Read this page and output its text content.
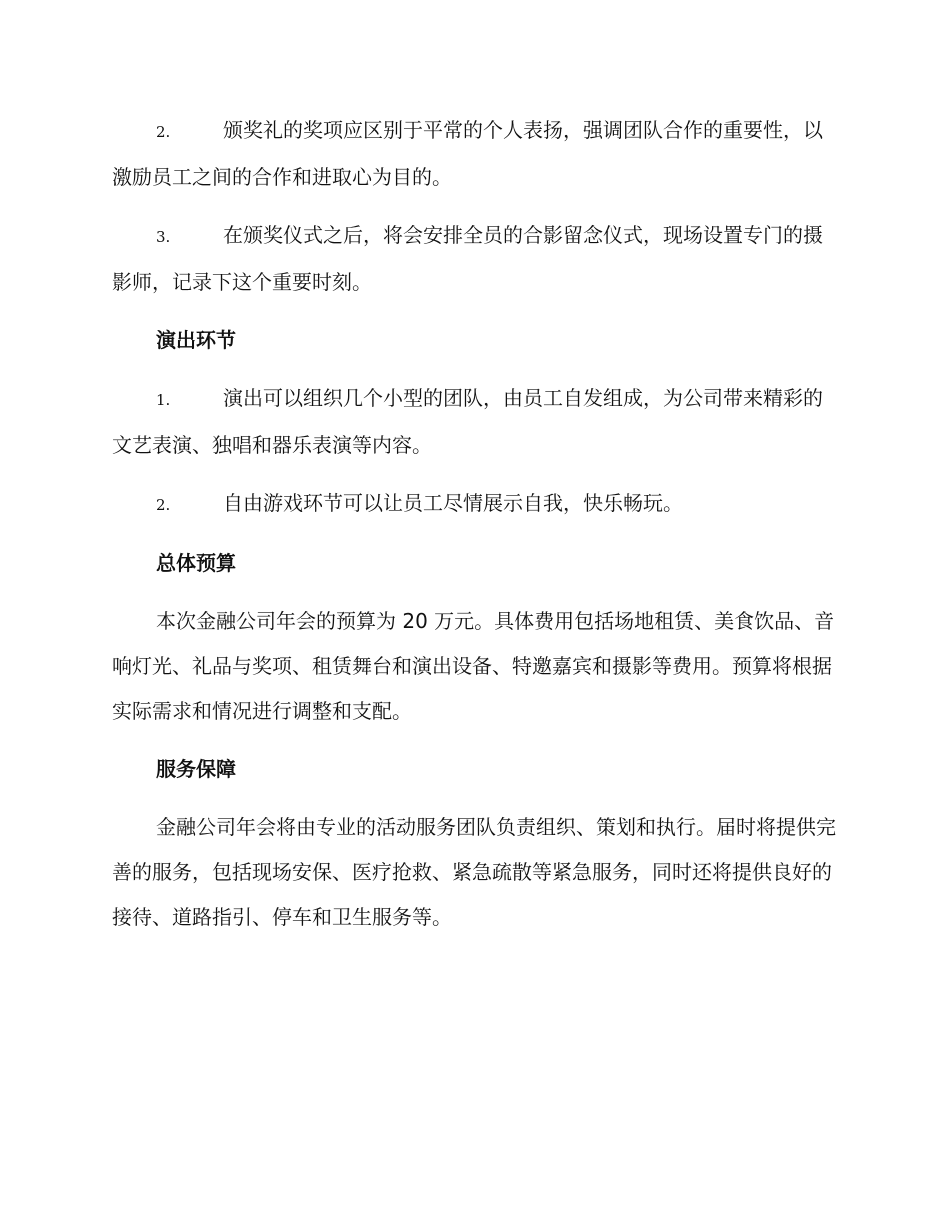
2.	颁奖礼的奖项应区别于平常的个人表扬，强调团队合作的重要性，以激励员工之间的合作和进取心为目的。

3.	在颁奖仪式之后，将会安排全员的合影留念仪式，现场设置专门的摄影师，记录下这个重要时刻。

演出环节

1.	演出可以组织几个小型的团队，由员工自发组成，为公司带来精彩的文艺表演、独唱和器乐表演等内容。

2.	自由游戏环节可以让员工尽情展示自我，快乐畅玩。

总体预算

本次金融公司年会的预算为 20 万元。具体费用包括场地租赁、美食饮品、音响灯光、礼品与奖项、租赁舞台和演出设备、特邀嘉宾和摄影等费用。预算将根据实际需求和情况进行调整和支配。

服务保障

金融公司年会将由专业的活动服务团队负责组织、策划和执行。届时将提供完善的服务，包括现场安保、医疗抢救、紧急疏散等紧急服务，同时还将提供良好的接待、道路指引、停车和卫生服务等。
